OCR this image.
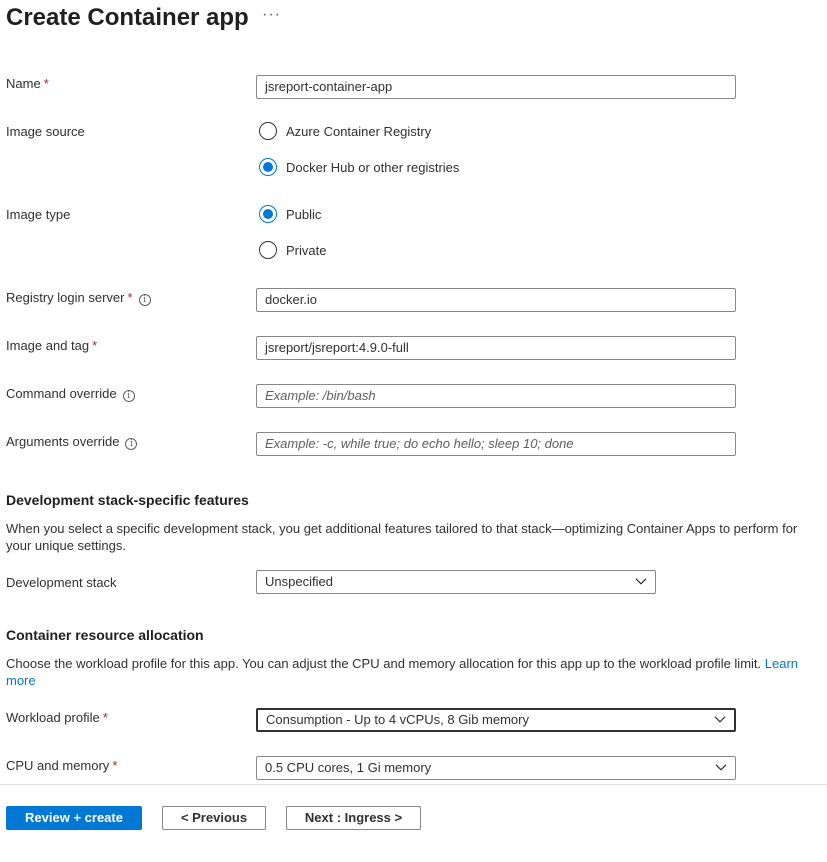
Create Container app ···
Name *	jsreport-container-app
Image source	Azure Container Registry
Docker Hub or other registries
Image type	Public
Private
Registry login server * i	docker.io
Image and tag *	jsreport/jsreport:4.9.0-full
Command override i	Example: /bin/bash
Arguments override i	Example: -c, while true; do echo hello; sleep 10; done
Development stack-specific features
When you select a specific development stack, you get additional features tailored to that stack—optimizing Container Apps to perform for your unique settings.
Development stack	Unspecified
Container resource allocation
Choose the workload profile for this app. You can adjust the CPU and memory allocation for this app up to the workload profile limit. Learn more
Workload profile *	Consumption - Up to 4 vCPUs, 8 Gib memory
CPU and memory *	0.5 CPU cores, 1 Gi memory
Review + create	< Previous	Next : Ingress >
